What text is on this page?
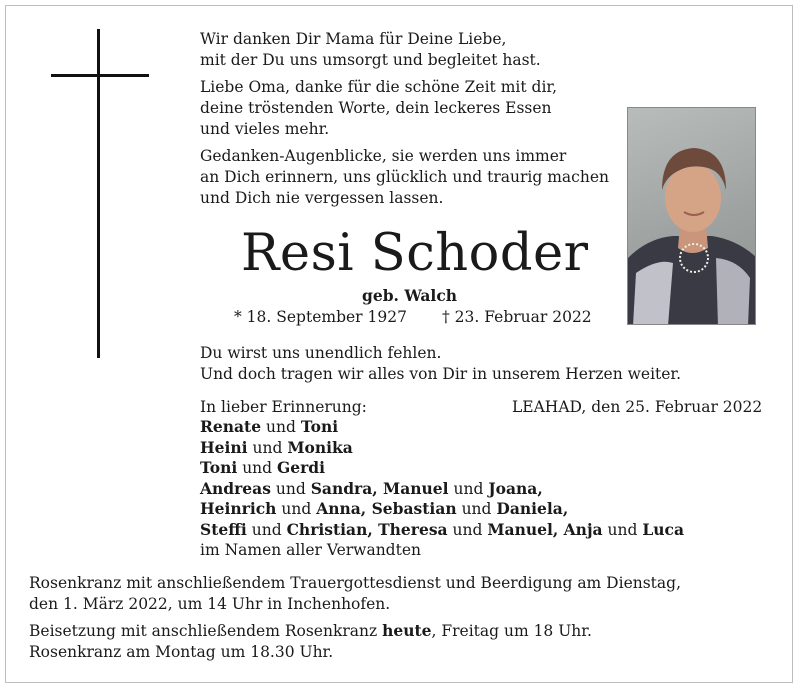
Wir danken Dir Mama für Deine Liebe,
mit der Du uns umsorgt und begleitet hast.
Liebe Oma, danke für die schöne Zeit mit dir,
deine tröstenden Worte, dein leckeres Essen
und vieles mehr.
Gedanken-Augenblicke, sie werden uns immer
an Dich erinnern, uns glücklich und traurig machen
und Dich nie vergessen lassen.
Resi Schoder
geb. Walch
* 18. September 1927 † 23. Februar 2022
Du wirst uns unendlich fehlen.
Und doch tragen wir alles von Dir in unserem Herzen weiter.
In lieber Erinnerung:	LEAHAD, den 25. Februar 2022
Renate und Toni
Heini und Monika
Toni und Gerdi
Andreas und Sandra, Manuel und Joana,
Heinrich und Anna, Sebastian und Daniela,
Steffi und Christian, Theresa und Manuel, Anja und Luca
im Namen aller Verwandten
Rosenkranz mit anschließendem Trauergottesdienst und Beerdigung am Dienstag,
den 1. März 2022, um 14 Uhr in Inchenhofen.
Beisetzung mit anschließendem Rosenkranz heute, Freitag um 18 Uhr.
Rosenkranz am Montag um 18.30 Uhr.
